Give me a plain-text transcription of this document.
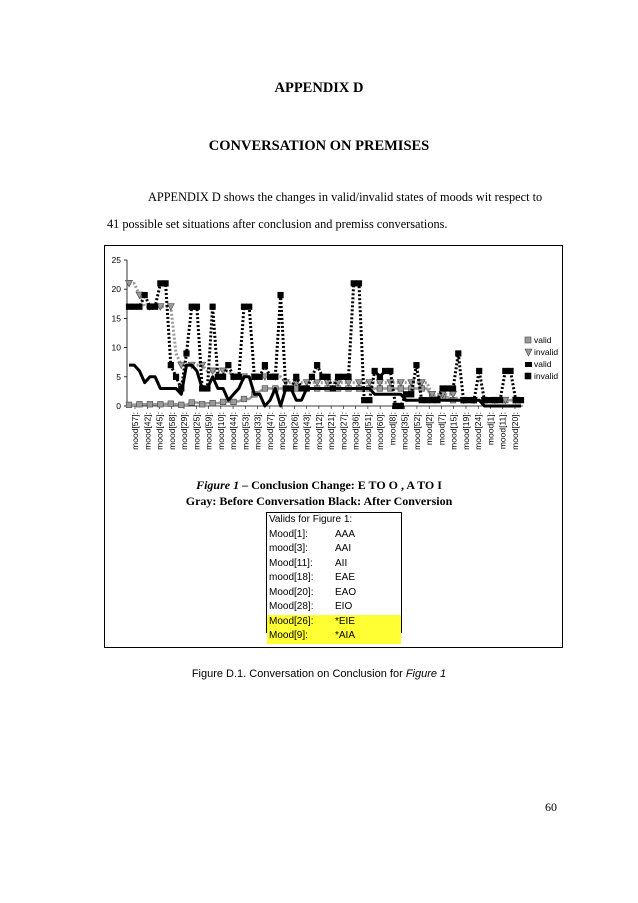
APPENDIX D
CONVERSATION ON PREMISES
APPENDIX D shows the changes in valid/invalid states of moods wit respect to
41 possible set situations after conclusion and premiss conversations.
0
5
10
15
20
25
mood[57]: mood[42]: mood[45]: mood[58]: mood[29]: mood[25]: mood[59]: mood[10]: mood[44]: mood[53]: mood[33]: mood[47]: mood[50]: mood[26]: mood[43]: mood[12]: mood[21]: mood[27]: mood[36]: mood[51]: mood[60]: mood[8]: mood[35]: mood[52]: mood[2]: mood[7]: mood[15]: mood[19]: mood[24]: mood[1]: mood[11]: mood[20]:
valid
invalid
valid
invalid
Figure 1 – Conclusion Change: E TO O , A TO I
Gray: Before Conversation Black: After Conversion
Valids for Figure 1:
Mood[1]:	AAA
mood[3]:	AAI
Mood[11]: AII
mood[18]: EAE
Mood[20]: EAO
Mood[28]: EIO
Mood[26]: *EIE
Mood[9]:	*AIA
Figure D.1. Conversation on Conclusion for Figure 1
60
